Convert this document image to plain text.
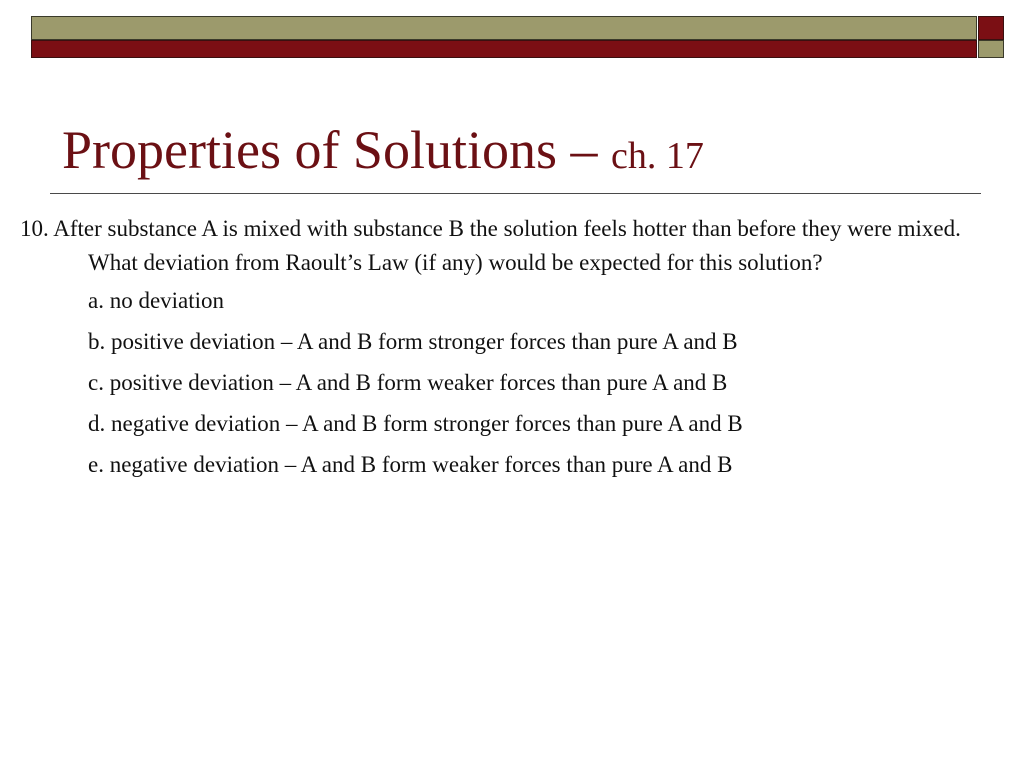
Properties of Solutions – ch. 17

10. After substance A is mixed with substance B the solution feels hotter than before they were mixed. What deviation from Raoult’s Law (if any) would be expected for this solution?

a. no deviation
b. positive deviation – A and B form stronger forces than pure A and B
c. positive deviation – A and B form weaker forces than pure A and B
d. negative deviation – A and B form stronger forces than pure A and B
e. negative deviation – A and B form weaker forces than pure A and B
